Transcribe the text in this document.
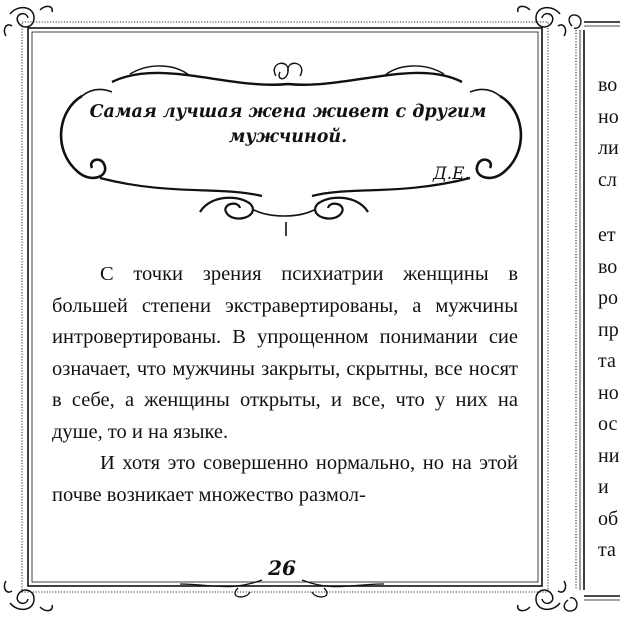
Самая лучшая жена живет с другим мужчиной.
Д.Е.

С точки зрения психиатрии женщины в большей степени экстравертированы, а мужчины интровертированы. В упрощенном понимании сие означает, что мужчины закрыты, скрытны, все носят в себе, а женщины открыты, и все, что у них на душе, то и на языке.

И хотя это совершенно нормально, но на этой почве возникает множество размол-

26
во
но
ли
сл
ет
во
ро
пр
та
но
ос
ни
и
об
та
